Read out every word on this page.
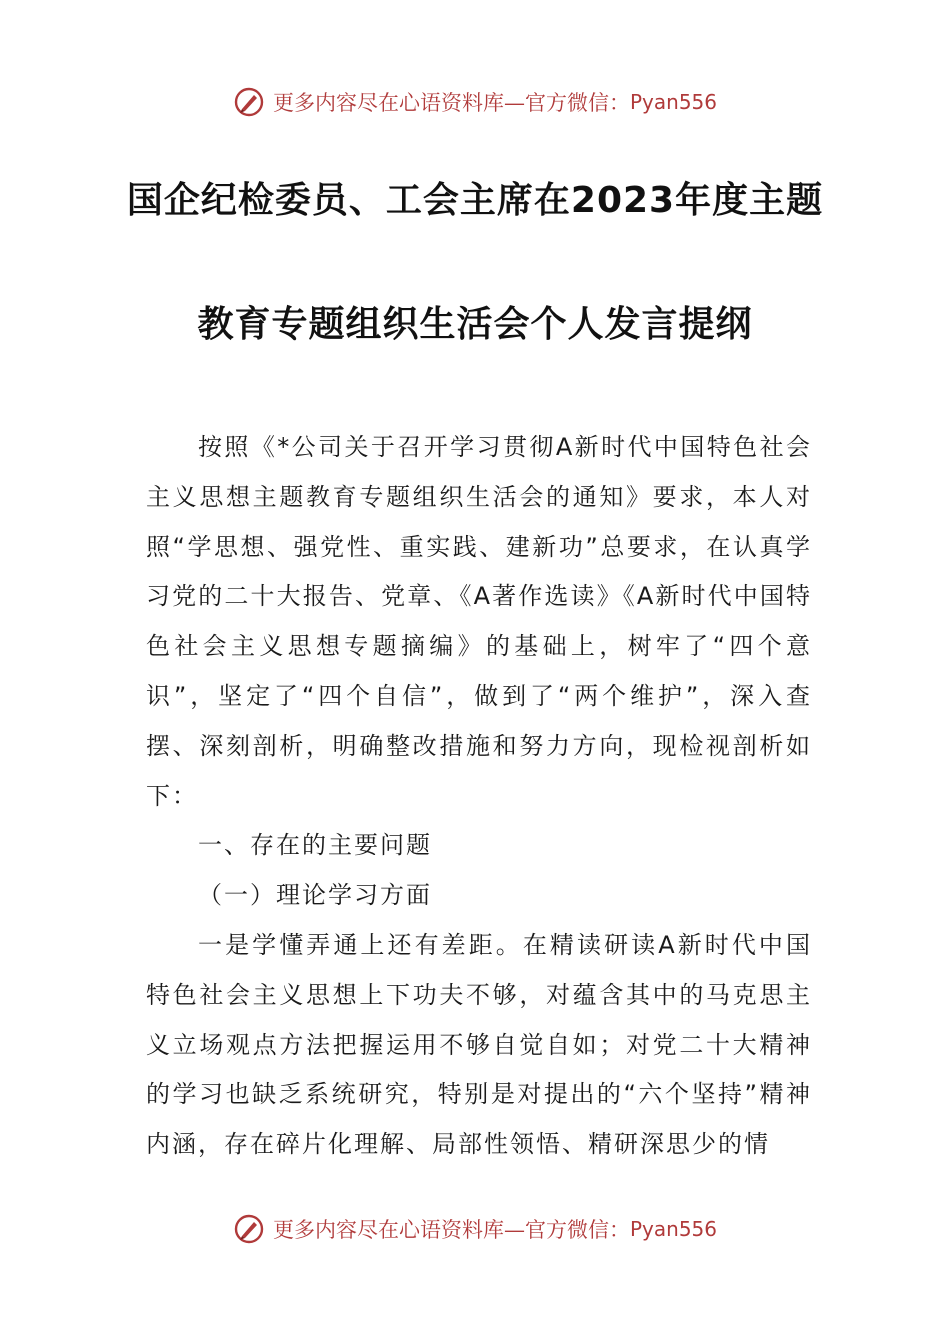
更多内容尽在心语资料库—官方微信： Pyan556
国企纪检委员、工会主席在2023年度主题
教育专题组织生活会个人发言提纲

按照《*公司关于召开学习贯彻A新时代中国特色社会主义思想主题教育专题组织生活会的通知》要求，本人对照“学思想、强党性、重实践、建新功”总要求，在认真学习党的二十大报告、党章、《A著作选读》《A新时代中国特色社会主义思想专题摘编》的基础上，树牢了“四个意识”，坚定了“四个自信”，做到了“两个维护”，深入查摆、深刻剖析，明确整改措施和努力方向，现检视剖析如下：

一、存在的主要问题

（一）理论学习方面

一是学懂弄通上还有差距。在精读研读A新时代中国特色社会主义思想上下功夫不够，对蕴含其中的马克思主义立场观点方法把握运用不够自觉自如；对党二十大精神的学习也缺乏系统研究，特别是对提出的“六个坚持”精神内涵，存在碎片化理解、局部性领悟、精研深思少的情

更多内容尽在心语资料库—官方微信： Pyan556
